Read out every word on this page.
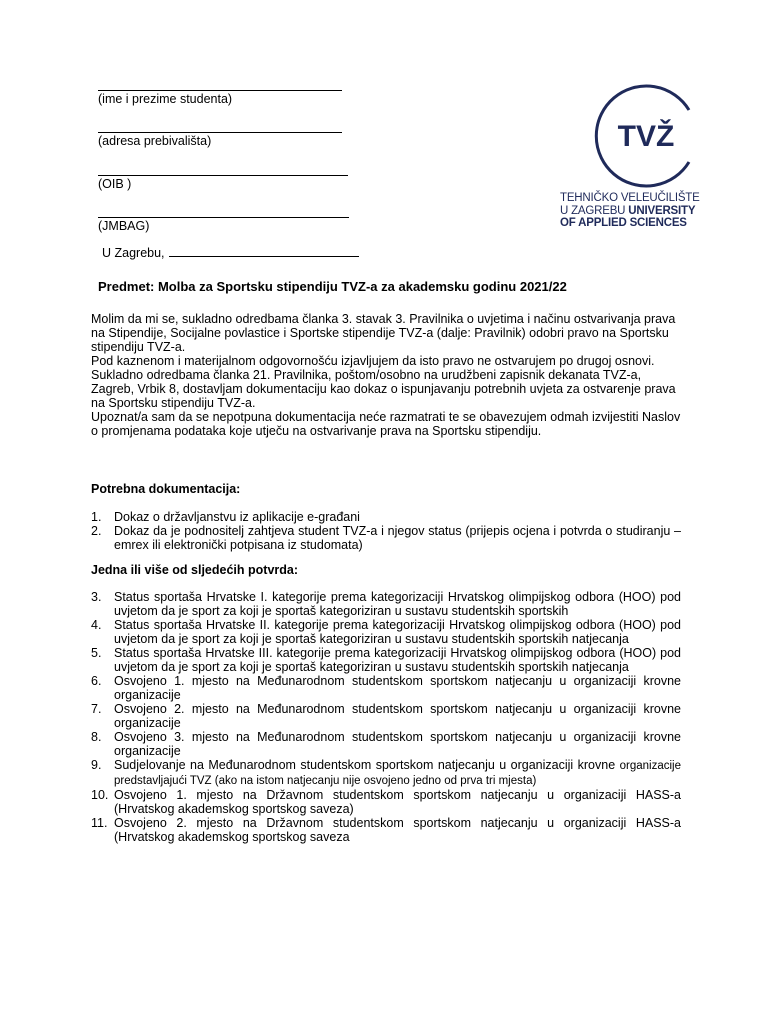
(ime i prezime studenta)
(adresa prebivališta)
(OIB )
(JMBAG)
TVŽ
TEHNIČKO VELEUČILIŠTE
U ZAGREBU UNIVERSITY
OF APPLIED SCIENCES
U Zagrebu,
Predmet: Molba za Sportsku stipendiju TVZ-a za akademsku godinu 2021/22

Molim da mi se, sukladno odredbama članka 3. stavak 3. Pravilnika o uvjetima i načinu ostvarivanja prava na Stipendije, Socijalne povlastice i Sportske stipendije TVZ-a (dalje: Pravilnik) odobri pravo na Sportsku stipendiju TVZ-a.

Pod kaznenom i materijalnom odgovornošću izjavljujem da isto pravo ne ostvarujem po drugoj osnovi.

Sukladno odredbama članka 21. Pravilnika, poštom/osobno na urudžbeni zapisnik dekanata TVZ-a, Zagreb, Vrbik 8, dostavljam dokumentaciju kao dokaz o ispunjavanju potrebnih uvjeta za ostvarenje prava na Sportsku stipendiju TVZ-a.

Upoznat/a sam da se nepotpuna dokumentacija neće razmatrati te se obavezujem odmah izvijestiti Naslov o promjenama podataka koje utječu na ostvarivanje prava na Sportsku stipendiju.

Potrebna dokumentacija:
1.	Dokaz o državljanstvu iz aplikacije e-građani
2.	Dokaz da je podnositelj zahtjeva student TVZ-a i njegov status (prijepis ocjena i potvrda o studiranju – emrex ili elektronički potpisana iz studomata)
Jedna ili više od sljedećih potvrda:
3.	Status sportaša Hrvatske I. kategorije prema kategorizaciji Hrvatskog olimpijskog odbora (HOO) pod uvjetom da je sport za koji je sportaš kategoriziran u sustavu studentskih sportskih
4.	Status sportaša Hrvatske II. kategorije prema kategorizaciji Hrvatskog olimpijskog odbora (HOO) pod uvjetom da je sport za koji je sportaš kategoriziran u sustavu studentskih sportskih natjecanja
5.	Status sportaša Hrvatske III. kategorije prema kategorizaciji Hrvatskog olimpijskog odbora (HOO) pod uvjetom da je sport za koji je sportaš kategoriziran u sustavu studentskih sportskih natjecanja
6.	Osvojeno 1. mjesto na Međunarodnom studentskom sportskom natjecanju u organizaciji krovne organizacije
7.	Osvojeno 2. mjesto na Međunarodnom studentskom sportskom natjecanju u organizaciji krovne organizacije
8.	Osvojeno 3. mjesto na Međunarodnom studentskom sportskom natjecanju u organizaciji krovne organizacije
9.	Sudjelovanje na Međunarodnom studentskom sportskom natjecanju u organizaciji krovne organizacije predstavljajući TVZ (ako na istom natjecanju nije osvojeno jedno od prva tri mjesta)
10. Osvojeno 1. mjesto na Državnom studentskom sportskom natjecanju u organizaciji HASS-a (Hrvatskog akademskog sportskog saveza)
11. Osvojeno 2. mjesto na Državnom studentskom sportskom natjecanju u organizaciji HASS-a (Hrvatskog akademskog sportskog saveza
